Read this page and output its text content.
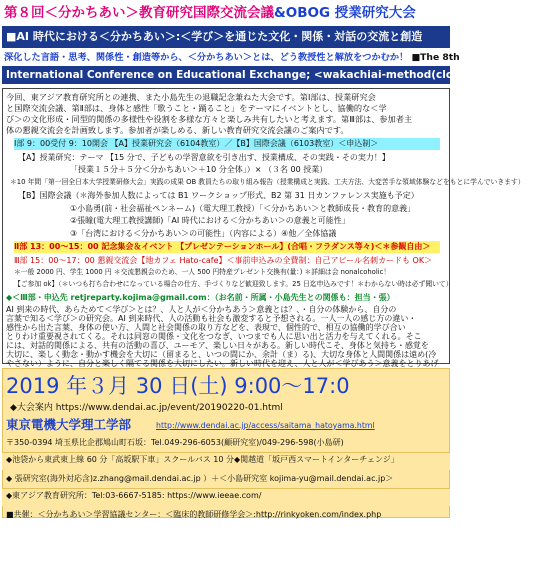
第８回＜分かちあい＞教育研究国際交流会議&OBOG 授業研究大会
■AI 時代における＜分かちあい＞:＜学び＞を通じた文化・関係・対話の交流と創造
深化した言語・思考、関係性・創造等から、＜分かちあい＞とは、どう教授性と解放をつかむか！ ■The 8th
International Conference on Educational Exchange; <wakachiai-method(closed-system)>
今回、東アジア教育研究所との連携、また小島先生の退職記念兼ねた大会です。第Ⅰ部は、授業研究会
と国際交流会議、第Ⅱ部は、身体と感性「歌うこと・踊ること」をテーマにイベントとし、協働的な＜学
び＞の文化形成・同型的関係の多様性や役割を多様な方々と楽しみ共有したいと考えます。第Ⅲ部は、参加者主
体の懇親交流会を計画致します。参加者が楽しめる、新しい教育研究交流会議のご案内です。
Ⅰ部 9：00受付 9：10開会 【A】授業研究会（6104教室）／【B】国際会議（6103教室）＜申込制＞
【A】授業研究：テーマ 【15 分で、子どもの学習意欲を引き出す、授業構成、その実践・その実力！】
「授業１５分＋５分＜分かちあい＞＋10 分全体」）× （３名 00 授業）
＊10 年間「第一回全日本大学授業研修大会」実践の成果 OB 教員たちの取り組み報告（授業構成と実践、工夫方法、大変苦手な領域体験などをもとに学んでいきます）
【B】国際会議（＊海外参加人数によっては B1 ワークショップ形式、B2 第 31 日カンファレンス実施も予定）
①小島勇(前・社会福祉ペンネーム)（電大理工教授）「＜分かちあい＞と教師成長・教育的意義」
②張瞳(電大理工教授講師)「AI 時代における＜分かちあい＞の意義と可能性」
③「台湾における＜分かちあい＞の可能性」（内容による）④他／全体協議
Ⅱ部 13：00〜15：00 記念集会＆イベント 【プレゼンテーションホール】(合唱・フラダンス等々)＜＊参観自由＞
Ⅲ部 15：00〜17：00 懇親交流会【地カフェ Hato-cafe】＜事前申込みの全費制：自己アピール名刺カードも OK＞
＊一般 2000 円、学生 1000 円 ＊交流懇親会のため、一人 500 円特産プレゼント交換有(量：) ＊詳細は会 nonalcoholic！
【ご参加 ok】（＊いつも打ち合わせになっている場合の仕方、手づくりなど歓迎致します。25 日迄申込みです！＊わからない時は必ず聞いて）
◆＜Ⅲ部・申込先 retjreparty.kojima@gmail.com：（お名前・所属・小島先生との関係も：担当・張）
AI 到来の時代、あらためて＜学び＞とは？、人と人が＜分かちあう＞意義とは？、・自分の体験から、自分の
言葉で知る＜学び＞の研究会。AI 到来時代、人の活動も社会も激変すると予想される。一人一人の感じ方の違い・
感性から出た言葉、身体の使い方、人間と社会関係の取り方などを、表現で、個性的で、相互の協働的学び合い
とりわけ重要視されてくる。それは同窓の関係・文化をつなぎ、いつまでも人に思い出と活力を与えてくれる。そこ
には、対話的関係による、共有の活動の喜び、ユーモア、楽しい日々がある。新しい時代こそ、身体と気持ち・感覚を
大切に、楽しく動念・動かす機会を大切に（留まると、いつの間にか、余計（ま）る)、大切な身体と人間関係は遠め(冷
やさない）ように、自分と楽しく隔てる関係を大切にしたい。新しい時代を迎え、人と人が＜学びあう＞意義をとりあげ
2019 年３月 30 日(土) 9:00〜17:0
◆大会案内 https://www.dendai.ac.jp/event/20190220-01.html
東京電機大学理工学部	http://www.dendai.ac.jp/access/saitama_hatoyama.html
〒350-0394 埼玉県比企郡鳩山町石坂：Tel.049-296-6053(顧研究室)/049-296-598(小島研)
◆池袋から東武東上線 60 分「高坂駅下車」スクールバス 10 分◆関越道「坂戸西スマートインターチェンジ」
◆ 張研究室(海外対応含)z.zhang@mail.dendai.ac.jp ）＋＜小島研究室 kojima-yu@mail.dendai.ac.jp＞
◆東アジア教育研究所：Tel:03-6667-5185: https://www.ieeae.com/
■共催：＜分かちあい＞学習協議センター：＜臨床的教師研修学会＞:http://rinkyoken.com/index.php
